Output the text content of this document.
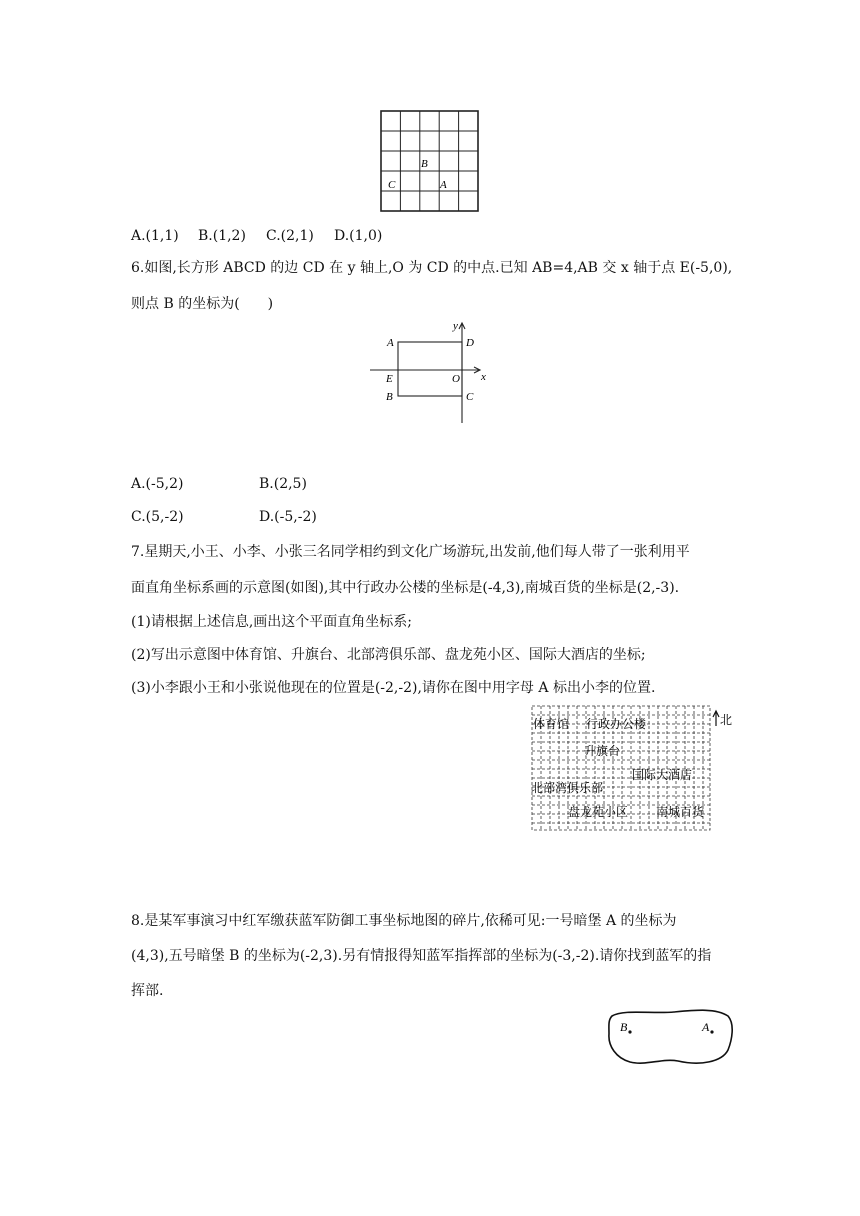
B
C	A
A.(1,1) B.(1,2) C.(2,1) D.(1,0)
6.如图,长方形 ABCD 的边 CD 在 y 轴上,O 为 CD 的中点.已知 AB=4,AB 交 x 轴于点 E(-5,0),
则点 B 的坐标为(　　)
A	D
E	O x
y
B	C
A.(-5,2)	B.(2,5)
C.(5,-2)	D.(-5,-2)
7.星期天,小王、小李、小张三名同学相约到文化广场游玩,出发前,他们每人带了一张利用平
面直角坐标系画的示意图(如图),其中行政办公楼的坐标是(-4,3),南城百货的坐标是(2,-3).
(1)请根据上述信息,画出这个平面直角坐标系;
(2)写出示意图中体育馆、升旗台、北部湾俱乐部、盘龙苑小区、国际大酒店的坐标;
(3)小李跟小王和小张说他现在的位置是(-2,-2),请你在图中用字母 A 标出小李的位置.
北
体育馆 行政办公楼
升旗台
国际大酒店
北部湾俱乐部
盘龙苑小区 南城百货
8.是某军事演习中红军缴获蓝军防御工事坐标地图的碎片,依稀可见:一号暗堡 A 的坐标为
(4,3),五号暗堡 B 的坐标为(-2,3).另有情报得知蓝军指挥部的坐标为(-3,-2).请你找到蓝军的指
挥部.
B	A
